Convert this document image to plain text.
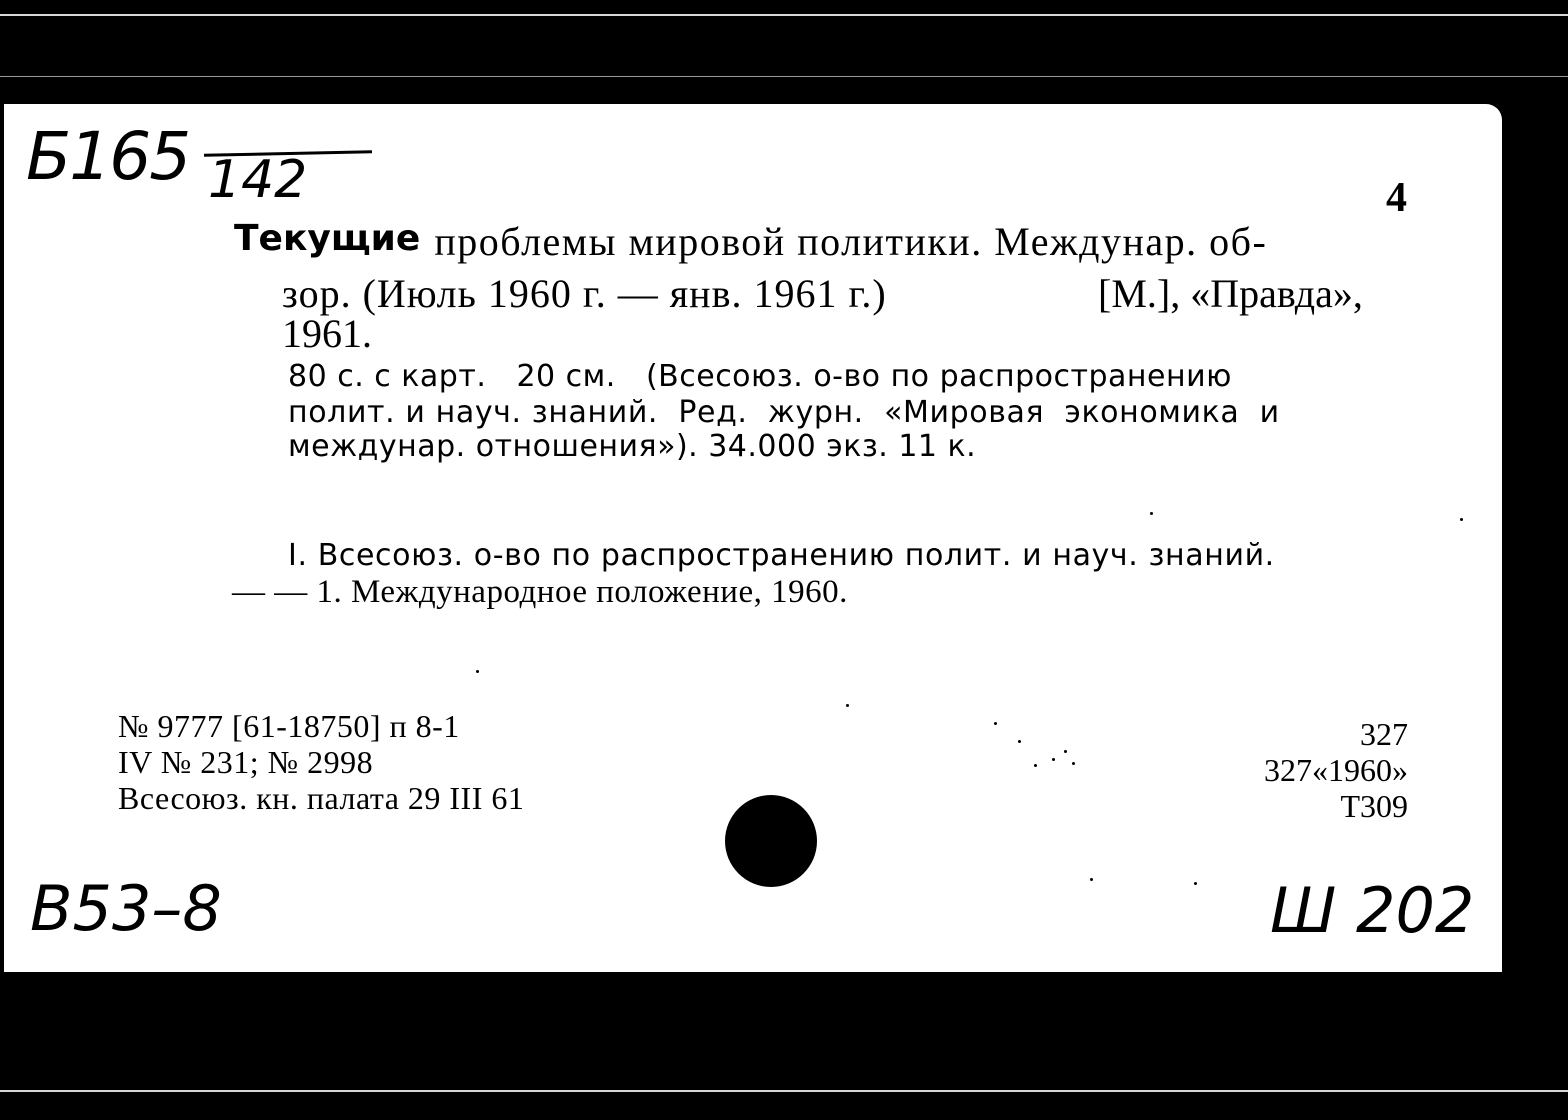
Б165 142	4
Текущие проблемы мировой политики. Междунар. об-
зор. (Июль 1960 г. — янв. 1961 г.)	[М.], «Правда»,
1961.
80 с. с карт.   20 см.   (Всесоюз. о-во по распространению
полит. и науч. знаний.  Ред.  журн.  «Мировая  экономика  и
междунар. отношения»). 34.000 экз. 11 к.
I. Всесоюз. о-во по распространению полит. и науч. знаний.
— — 1. Международное положение, 1960.
№ 9777 [61-18750] п 8-1
IV № 231; № 2998
Всесоюз. кн. палата 29 III 61
327
327«1960»
Т309
В53–8	Ш 202
